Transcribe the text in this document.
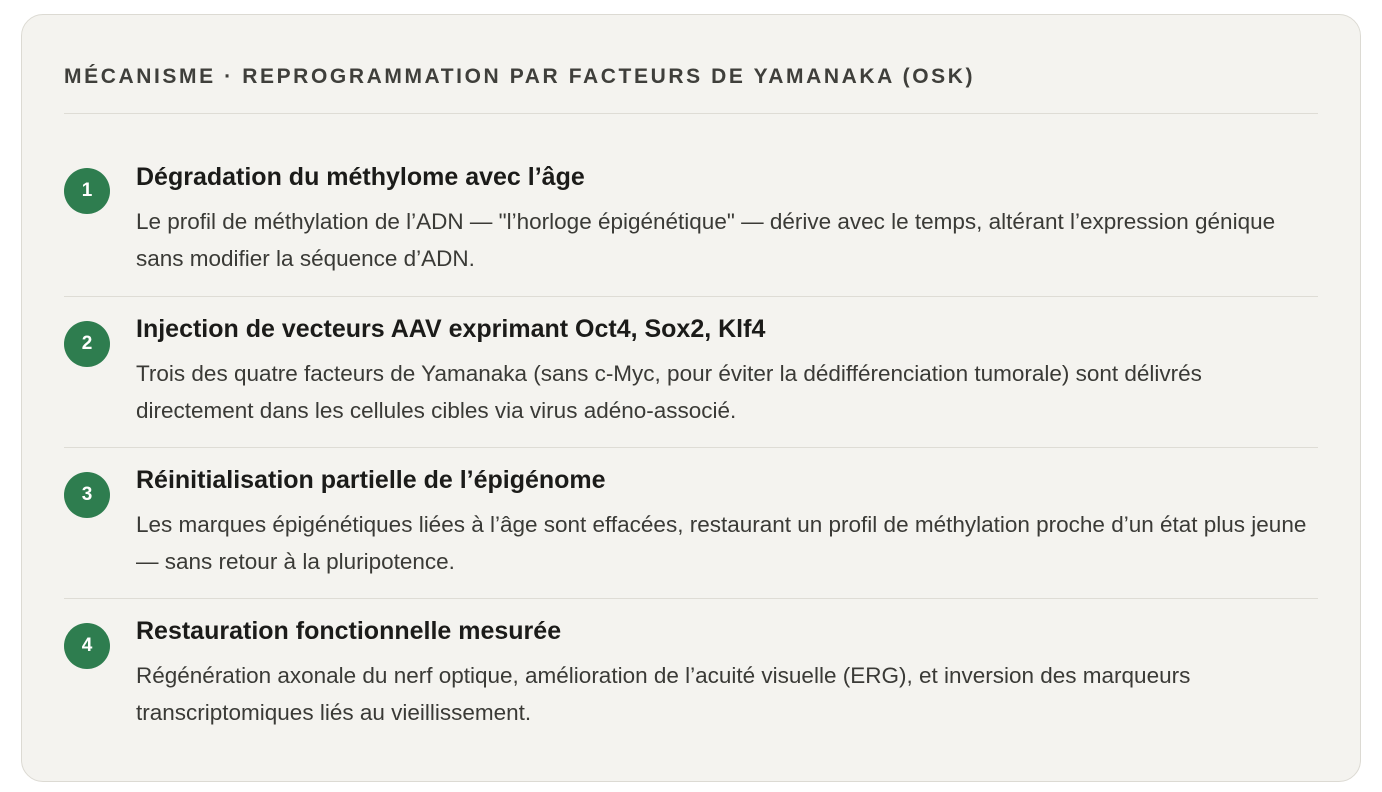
MÉCANISME · REPROGRAMMATION PAR FACTEURS DE YAMANAKA (OSK)
1	Dégradation du méthylome avec l’âge

Le profil de méthylation de l’ADN — "l’horloge épigénétique" — dérive avec le temps, altérant l’expression génique sans modifier la séquence d’ADN.

2
Injection de vecteurs AAV exprimant Oct4, Sox2, Klf4

Trois des quatre facteurs de Yamanaka (sans c-Myc, pour éviter la dédifférenciation tumorale) sont délivrés directement dans les cellules cibles via virus adéno-associé.

3
Réinitialisation partielle de l’épigénome

Les marques épigénétiques liées à l’âge sont effacées, restaurant un profil de méthylation proche d’un état plus jeune — sans retour à la pluripotence.

4
Restauration fonctionnelle mesurée

Régénération axonale du nerf optique, amélioration de l’acuité visuelle (ERG), et inversion des marqueurs transcriptomiques liés au vieillissement.
